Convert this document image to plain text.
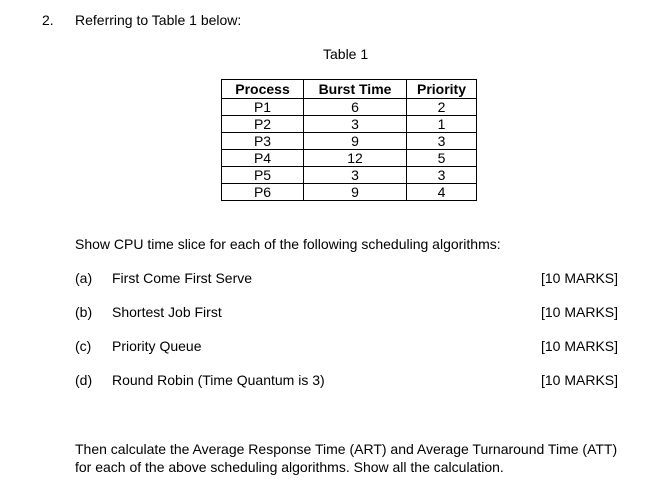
2. Referring to Table 1 below:
Table 1
Process	Burst Time	Priority
P1	6	2
P2	3	1
P3	9	3
P4	12	5
P5	3	3
P6	9	4
Show CPU time slice for each of the following scheduling algorithms:
(a) First Come First Serve	[10 MARKS]
(b) Shortest Job First	[10 MARKS]
(c) Priority Queue	[10 MARKS]
(d) Round Robin (Time Quantum is 3)	[10 MARKS]
Then calculate the Average Response Time (ART) and Average Turnaround Time (ATT) for each of the above scheduling algorithms. Show all the calculation.
